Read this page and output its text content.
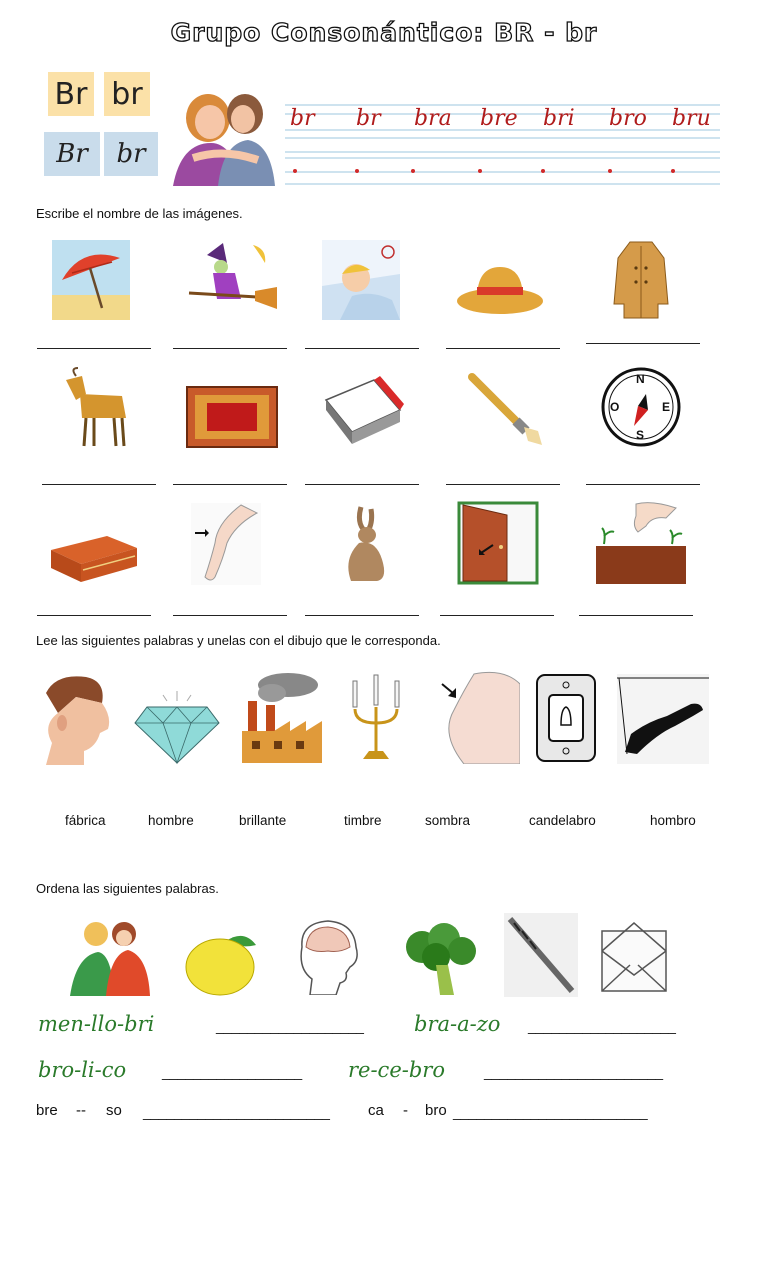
Grupo Consonántico: BR - br
Br br
Br	br
br br bra bre bri bro bru
Escribe el nombre de las imágenes.
N
O	E
S
Lee las siguientes palabras y unelas con el dibujo que le corresponda.
fábrica	hombre	brillante	timbre	sombra	candelabro	hombro
Ordena las siguientes palabras.
men-llo-bri	___________________ bra-a-zo ___________________
bro-li-co	__________________ re-ce-bro	_______________________
bre -- so ________________________	ca - bro _________________________
